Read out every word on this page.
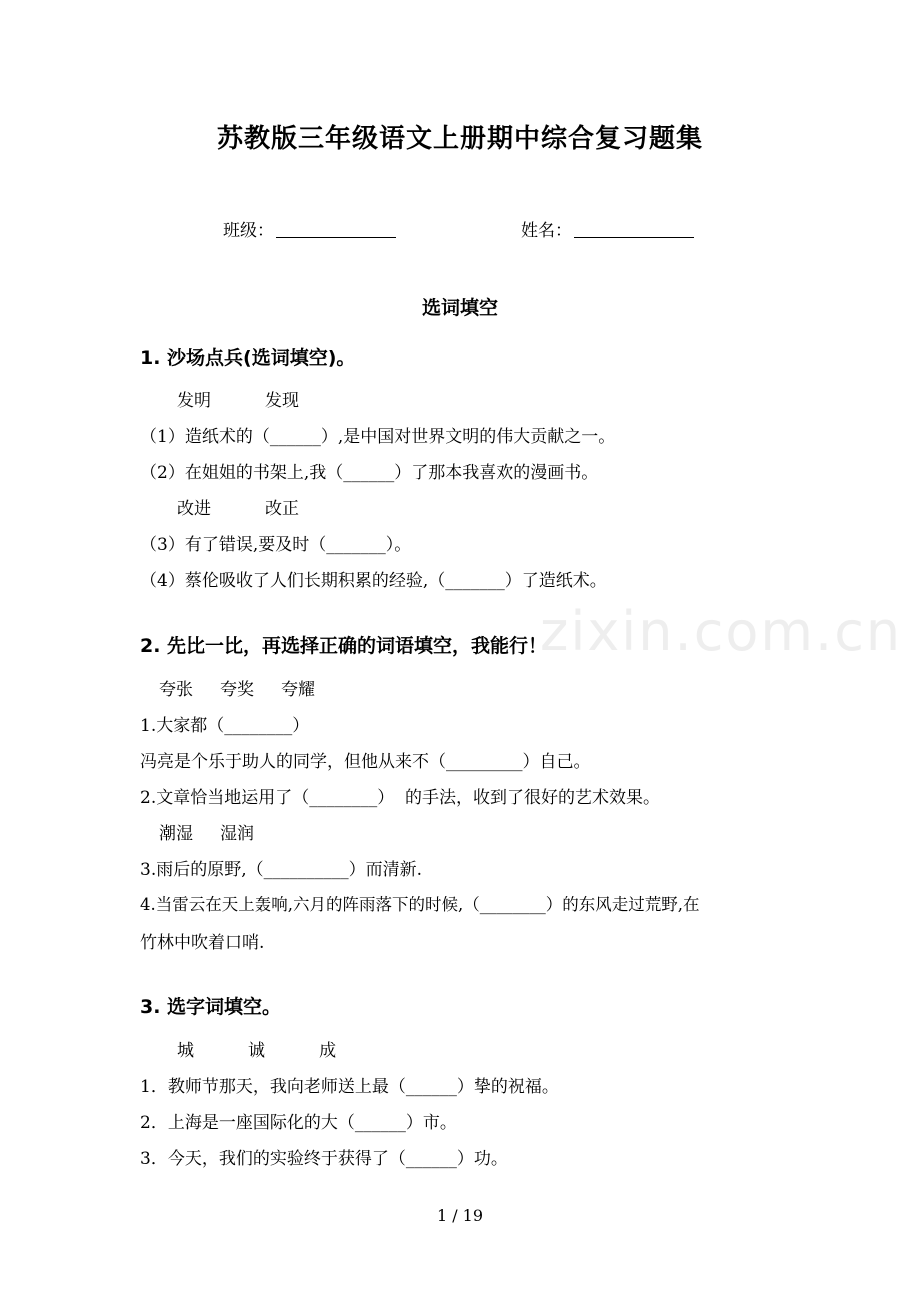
zixin.com.cn
苏教版三年级语文上册期中综合复习题集
班级：	姓名：
选词填空
1. 沙场点兵(选词填空)。
发明          发现
（1）造纸术的（______）,是中国对世界文明的伟大贡献之一。
（2）在姐姐的书架上,我（______）了那本我喜欢的漫画书。
改进          改正
（3）有了错误,要及时（_______）。
（4）蔡伦吸收了人们长期积累的经验,（_______）了造纸术。
2. 先比一比，再选择正确的词语填空，我能行！
夸张     夸奖     夸耀
1.大家都（________）
冯亮是个乐于助人的同学，但他从来不（_________）自己。
2.文章恰当地运用了（________）  的手法，收到了很好的艺术效果。
潮湿     湿润
3.雨后的原野,（__________）而清新.
4.当雷云在天上轰响,六月的阵雨落下的时候,（________）的东风走过荒野,在
竹林中吹着口哨.
3. 选字词填空。
城          诚          成
1．教师节那天，我向老师送上最（______）挚的祝福。
2．上海是一座国际化的大（______）市。
3．今天，我们的实验终于获得了（______）功。
1 / 19
